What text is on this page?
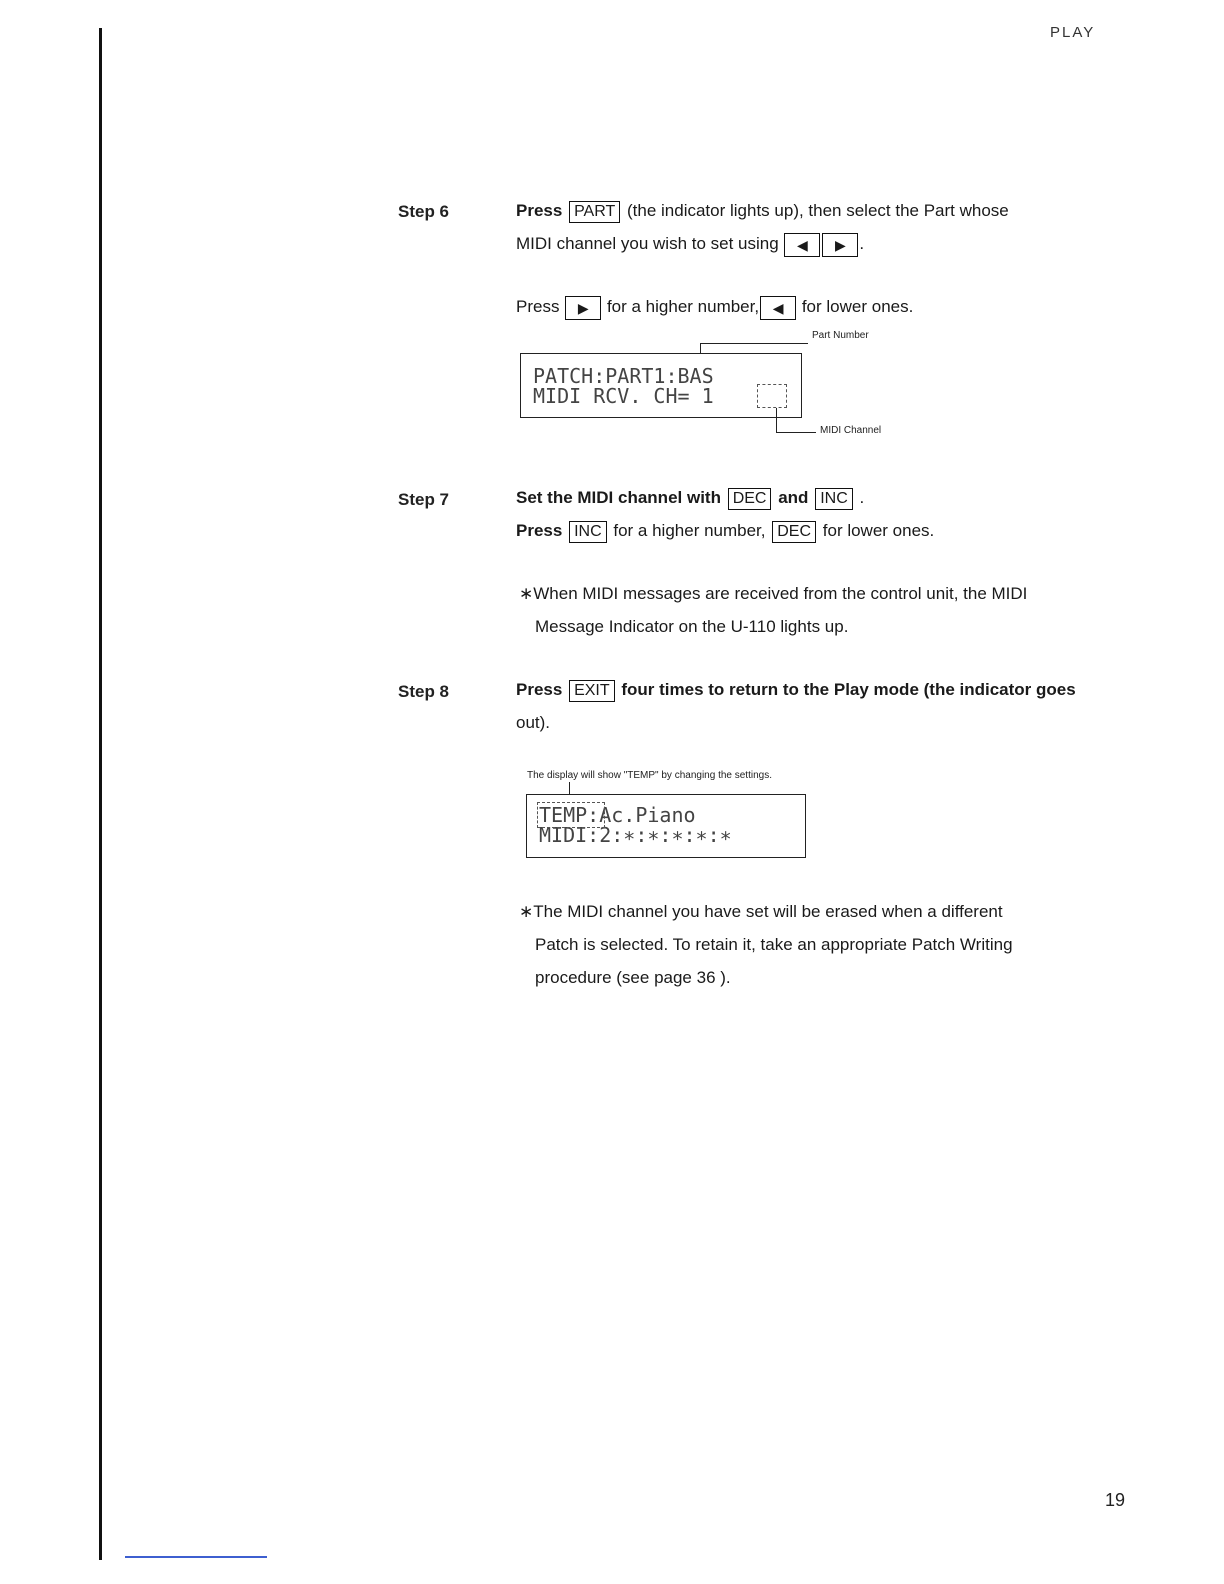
PLAY
Step 6	Press PART (the indicator lights up), then select the Part whose
MIDI channel you wish to set using ◀ ▶ .
Press ▶ for a higher number, ◀ for lower ones.
Part Number
PATCH:PART1:BAS
MIDI RCV. CH= 1
MIDI Channel
Step 7	Set the MIDI channel with DEC and INC .
Press INC for a higher number, DEC for lower ones.
∗When MIDI messages are received from the control unit, the MIDI
Message Indicator on the U-110 lights up.
Step 8	Press EXIT four times to return to the Play mode (the indicator goes
out).
The display will show "TEMP" by changing the settings.
TEMP:Ac.Piano
MIDI:2:∗:∗:∗:∗:∗
∗The MIDI channel you have set will be erased when a different
Patch is selected. To retain it, take an appropriate Patch Writing
procedure (see page 36 ).
19
